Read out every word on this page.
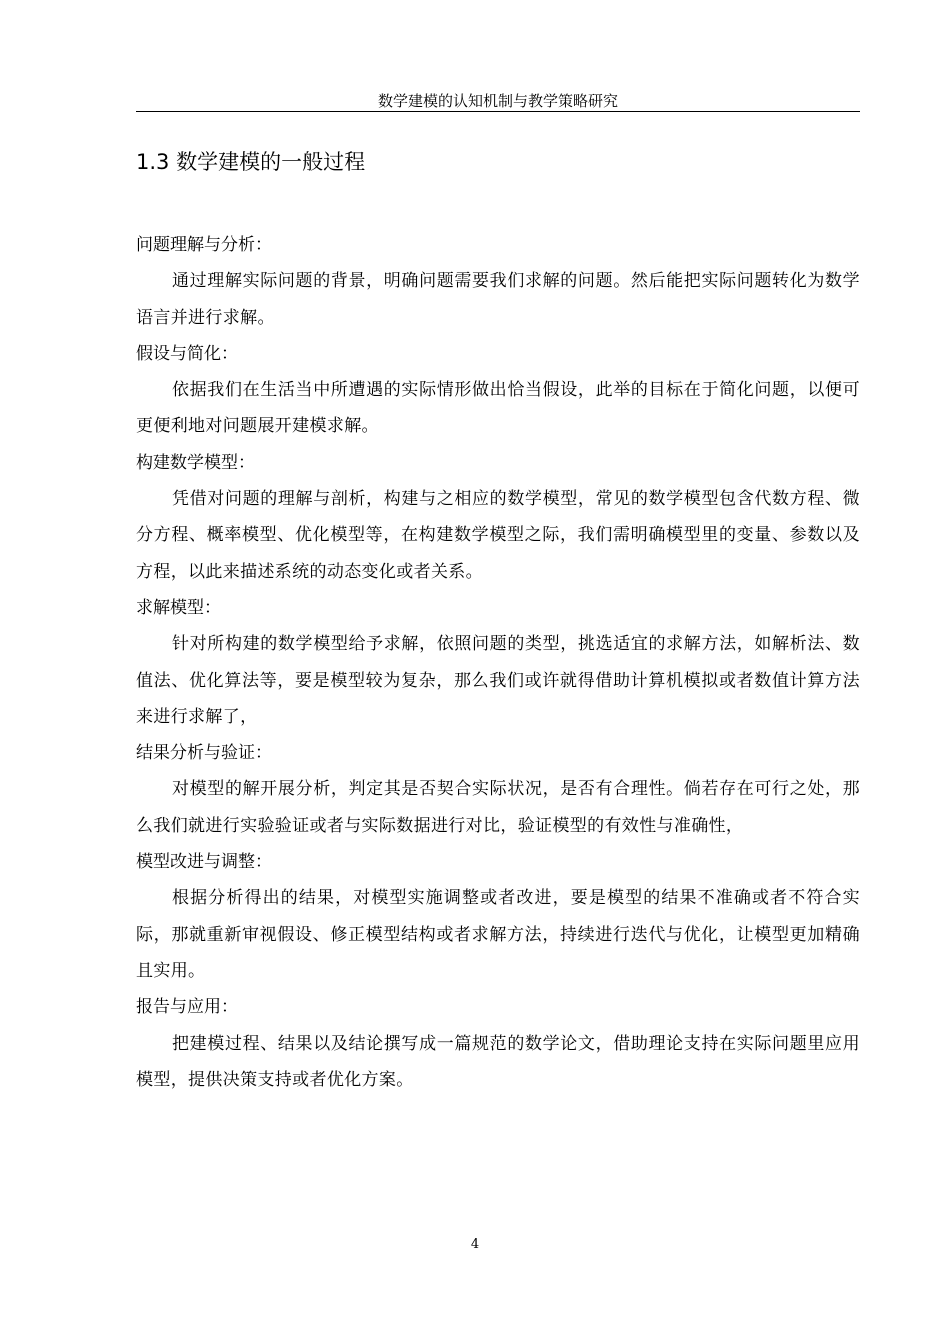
数学建模的认知机制与教学策略研究
1.3 数学建模的一般过程

问题理解与分析：

通过理解实际问题的背景，明确问题需要我们求解的问题。然后能把实际问题转化为数学语言并进行求解。

假设与简化：

依据我们在生活当中所遭遇的实际情形做出恰当假设，此举的目标在于简化问题，以便可更便利地对问题展开建模求解。

构建数学模型：

凭借对问题的理解与剖析，构建与之相应的数学模型，常见的数学模型包含代数方程、微分方程、概率模型、优化模型等，在构建数学模型之际，我们需明确模型里的变量、参数以及方程，以此来描述系统的动态变化或者关系。

求解模型：

针对所构建的数学模型给予求解，依照问题的类型，挑选适宜的求解方法，如解析法、数值法、优化算法等，要是模型较为复杂，那么我们或许就得借助计算机模拟或者数值计算方法来进行求解了，

结果分析与验证：

对模型的解开展分析，判定其是否契合实际状况，是否有合理性。倘若存在可行之处，那么我们就进行实验验证或者与实际数据进行对比，验证模型的有效性与准确性，

模型改进与调整：

根据分析得出的结果，对模型实施调整或者改进，要是模型的结果不准确或者不符合实际，那就重新审视假设、修正模型结构或者求解方法，持续进行迭代与优化，让模型更加精确且实用。

报告与应用：

把建模过程、结果以及结论撰写成一篇规范的数学论文，借助理论支持在实际问题里应用模型，提供决策支持或者优化方案。

4
